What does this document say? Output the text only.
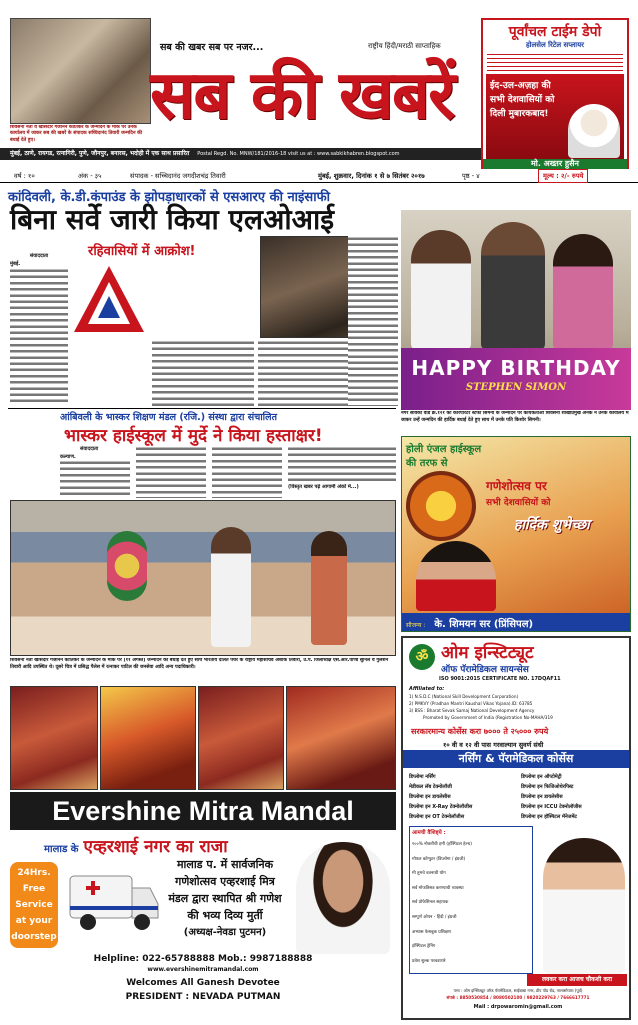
शिवसेना नेता व खासदार गजानन कीर्तिकर के जन्मदिन के मौके पर उनके कार्यालय में जाकर सब की खबरें के संपादक सच्चिदानंद तिवारी जन्मदिन की बधाई देते हुए।
सब की खबर सब पर नजर...	राष्ट्रीय हिंदी/मराठी साप्ताहिक
सब की खबरें
पूर्वांचल टाईम डेपो
होलसेल रिटेल सप्लायर
ईद-उल-अज़हा की
सभी देशवासियों को
दिली मुबारकबाद!
मो. अख्तर हुसैन
मुंबई, ठाणे, रायगड, रत्नागिरी, पुणे, जौनपुर, बनारस, भदोही में एक साथ प्रसारित Postal Regd. No. MNW/181/2016-18 visit us at : www.sabkikhabren.blogspot.com
वर्ष : १०	अंक - ३५	संपादक - सच्चिदानंद जगदीशचंद्र तिवारी	मुंबई, शुक्रवार, दिनांक १ से ७ सितंबर २०१७	पृष्ठ - ४	मूल्य : २/- रुपये
कांदिवली, के.डी.कंपाउंड के झोपड़ाधारकों से एसआरए की नाइंसाफी
बिना सर्वे जारी किया एलओआई
रहिवासियों में आक्रोश!
संवाददाता
मुंबई.
HAPPY BIRTHDAY
STEPHEN SIMON
नगर सेविका वार्ड क्र.१२१ की कारपोरेटर स्टेफी सिमनी के जन्मदिन पर कार्यकर्ताओं शिवसेना शाखाप्रमुख अनेक ने उनके कार्यालय में जाकर उन्हें जन्मदिन की हार्दिक बधाई देते हुए साथ में उनके पति किशोर सिमनी।
आंबिवली के भास्कर शिक्षण मंडल (रजि.) संस्था द्वारा संचालित
भास्कर हाईस्कूल में मुर्दे ने किया हस्ताक्षर!
संवाददाता
कल्याण.
(विस्तृत खबर पढ़ें आगामी अंकों में...)
शिवसेना नेता खासदार गजानन कीर्तिकर के जन्मदिन के मौके पर (११ अगस्त) जन्मदिन की बधाई देते हुए साथ भारतीय दलित पैंथर के राष्ट्रीय महासचिव अशोक तिवारी, उ.प. जिलाध्यक्ष एस.आर.पाण्डे सुनिल व गुलशन तिवारी आदि उपस्थित थे। दूसरे चित्र में प्रसिद्ध पैलेस में रत्नाकर पाटिल की जनसेवा आदि अन्य पदाधिकारी।
होली एंजल हाईस्कूल
की तरफ से
गणेशोत्सव पर
सभी देशवासियों को
हार्दिक शुभेच्छा
सौजन्य : के. शिमयन सर (प्रिंसिपल)
ॐ ओम इन्स्टिट्यूट
ऑफ पॅरामेडिकल सायन्सेस
ISO 9001:2015 CERTIFICATE NO. 17DQAF11
Affiliated to:
1) N.S.D.C (National Skill Development Corporation)
2) PMKVY (Pradhan Mantri Kaushal Vikas Yojana).ID: 63785
3) BSS : Bharat Sevak Samaj National Development Agency
Promoted by Government of India (Registration No-MAHA/319
सरकारमान्य कोर्सेस करा ७००० ते २५००० रुपये
१० वी व १२ वी पास गरवाल्यान सुवर्ण संधी
नर्सिंग & पॅरामेडिकल कोर्सेस
डिप्लोमा नर्सिंग
मेडीकल लॅब टेक्नोलॉजी
डिप्लोमा इन डायलेसीस
डिप्लोमा इन X-Ray टेक्नोलॉजीस
डिप्लोमा इन OT टेक्नोलॉजीस
डिप्लोमा इन ऑप्टोमेट्री
डिप्लोमा इन फिजिओथेरपिस्ट
डिप्लोमा इन डायलेसीस
डिप्लोमा इन ICCU टेक्नोलॉजीस
डिप्लोमा इन हॉस्पिटल मॅनेजमेंट
आमची वैशिष्ट्ये :
१००% नोकरीची हमी (हॉस्पिटल हेल्थ)
मोफत कॉम्पुटर (डिप्लोमा / इंग्रजी)
मी तुमचे वतनाधी योग
सर्व मोफतिसत्र करण्याची व्यवस्था
सर्व प्रोफेशिनल सहायक
सम्पूर्ण ओपन - हिंदी / इंग्रजी
अभ्यास फेसबुक प्रशिक्षण
हॉस्पिटल ट्रेनिंग
प्रवेश शुल्क परवडणारे
लवकर करा आजच चौकशी करा
पत्ता : ओम इन्स्टिट्यूट ऑफ पॅरामेडिकल, साईबाबा नगर, डीप पॉड रोड, नालासोपारा (पूर्व)
संपर्क : 8850530854 / 8080502100 / 9820229763 / 7666617771
Mail : drpowaromin@gmail.com
Evershine Mitra Mandal
मालाड के एव्हरशाई नगर का राजा
24Hrs.
Free
Service
at your
doorstep
मालाड प. में सार्वजनिक
गणेशोत्सव एव्हरशाई मित्र
मंडल द्वारा स्थापित श्री गणेश
की भव्य दिव्य मुर्ती
(अध्यक्ष-नेवडा पुटमन)
Helpline: 022-65788888 Mob.: 9987188888
www.evershinemitramandal.com
Welcomes All Ganesh Devotee
PRESIDENT : NEVADA PUTMAN
